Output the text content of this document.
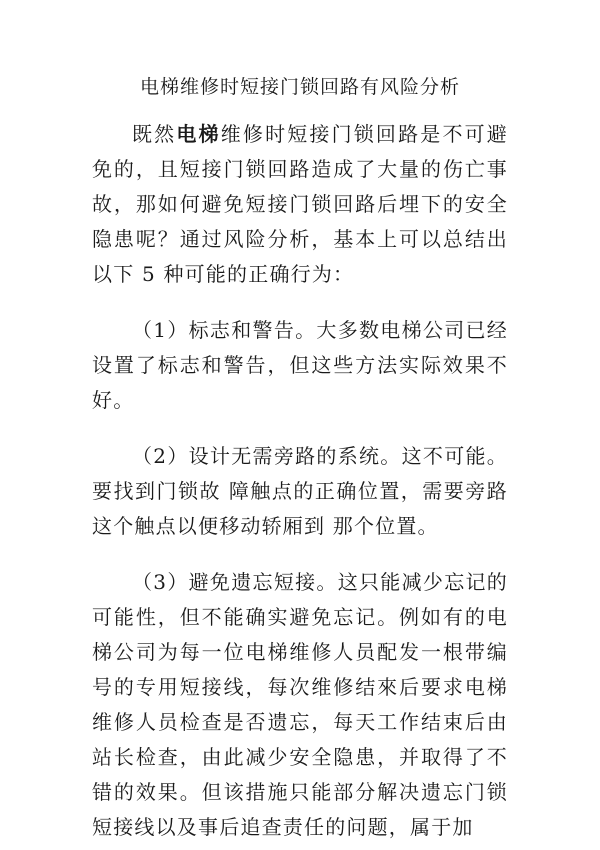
电梯维修时短接门锁回路有风险分析

既然电梯维修时短接门锁回路是不可避免的，且短接门锁回路造成了大量的伤亡事故，那如何避免短接门锁回路后埋下的安全隐患呢？通过风险分析，基本上可以总结出以下 5 种可能的正确行为：

（1）标志和警告。大多数电梯公司已经设置了标志和警告，但这些方法实际效果不好。

（2）设计无需旁路的系统。这不可能。要找到门锁故 障触点的正确位置，需要旁路这个触点以便移动轿厢到 那个位置。

（3）避免遗忘短接。这只能减少忘记的可能性，但不能确实避免忘记。例如有的电梯公司为每一位电梯维修人员配发一根带编号的专用短接线，每次维修结來后要求电梯维修人员检查是否遗忘，每天工作结束后由站长检查，由此减少安全隐患，并取得了不错的效果。但该措施只能部分解决遗忘门锁短接线以及事后追查责任的问题，属于加
